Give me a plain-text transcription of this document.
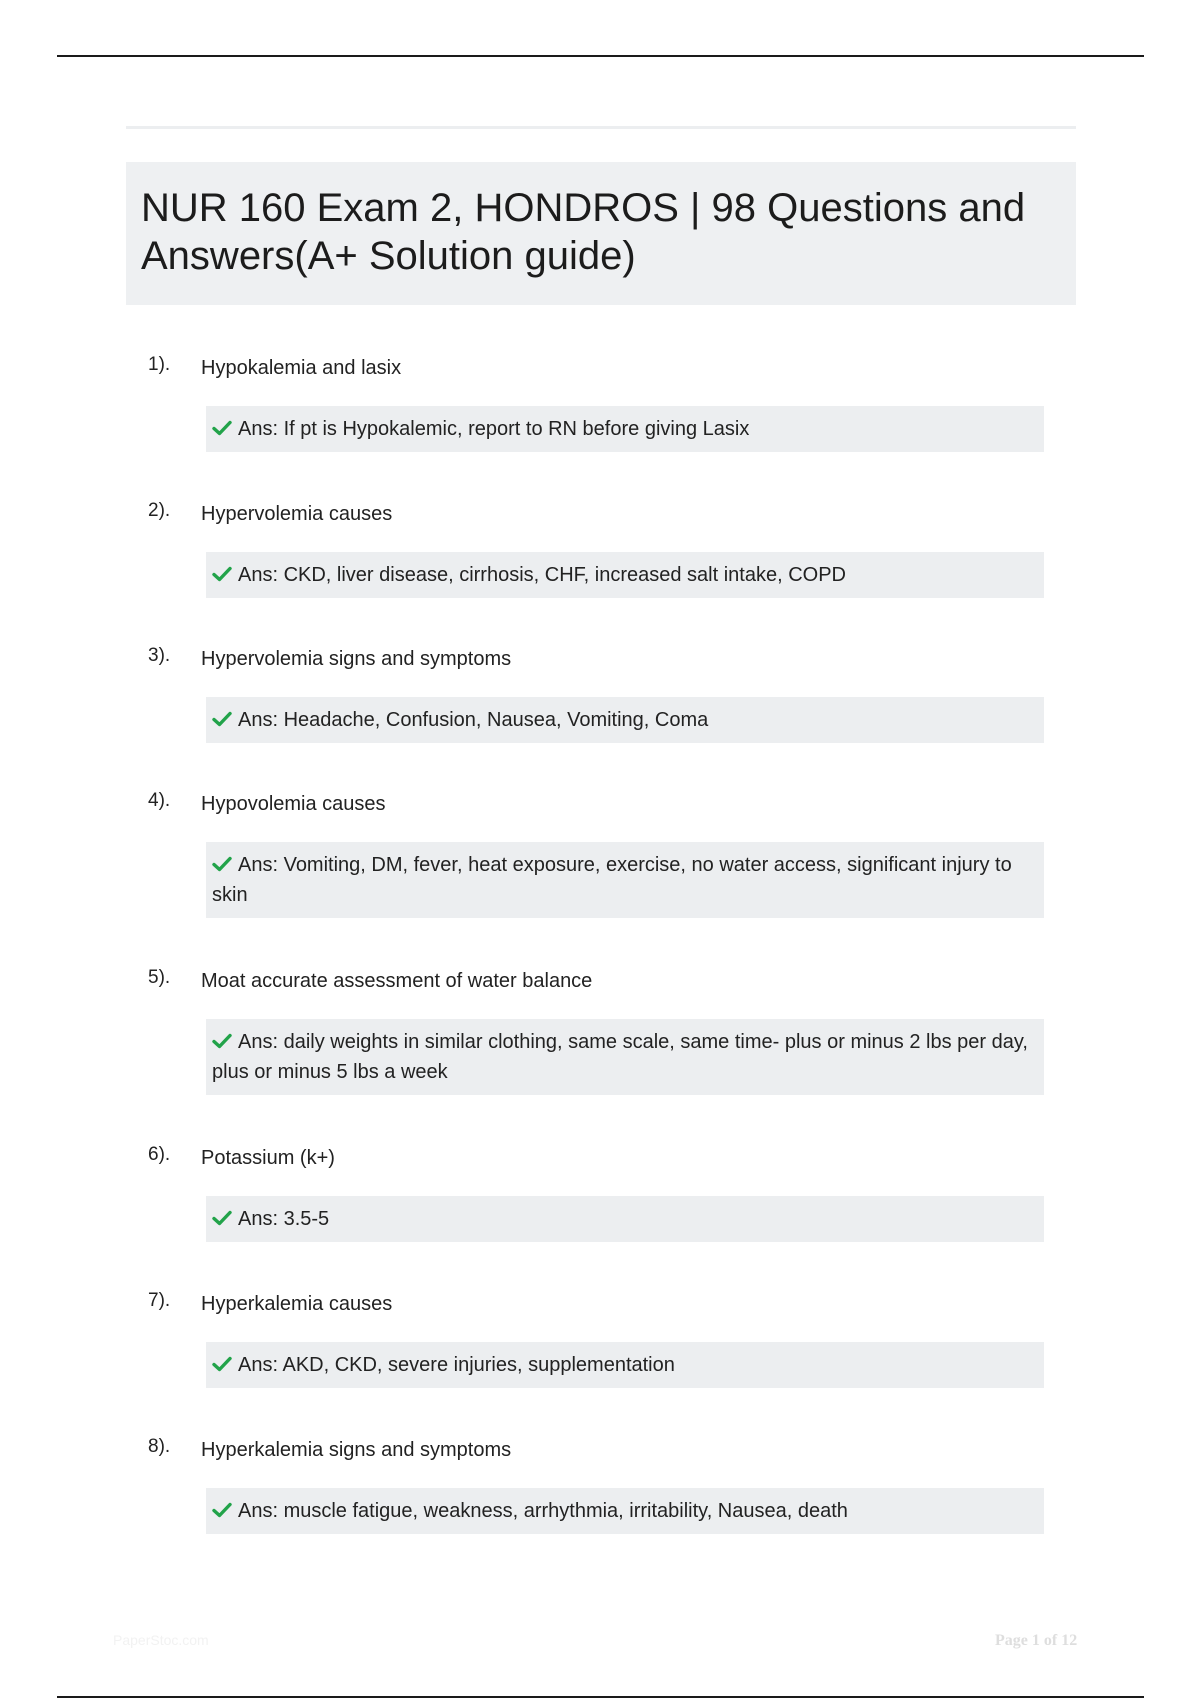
NUR 160 Exam 2, HONDROS | 98 Questions and Answers(A+ Solution guide)
1). Hypokalemia and lasix
Ans: If pt is Hypokalemic, report to RN before giving Lasix
2). Hypervolemia causes
Ans: CKD, liver disease, cirrhosis, CHF, increased salt intake, COPD
3). Hypervolemia signs and symptoms
Ans: Headache, Confusion, Nausea, Vomiting, Coma
4). Hypovolemia causes
Ans: Vomiting, DM, fever, heat exposure, exercise, no water access, significant injury to skin
5). Moat accurate assessment of water balance
Ans: daily weights in similar clothing, same scale, same time- plus or minus 2 lbs per day, plus or minus 5 lbs a week
6). Potassium (k+)
Ans: 3.5-5
7). Hyperkalemia causes
Ans: AKD, CKD, severe injuries, supplementation
8). Hyperkalemia signs and symptoms
Ans: muscle fatigue, weakness, arrhythmia, irritability, Nausea, death
PaperStoc.com	Page 1 of 12
